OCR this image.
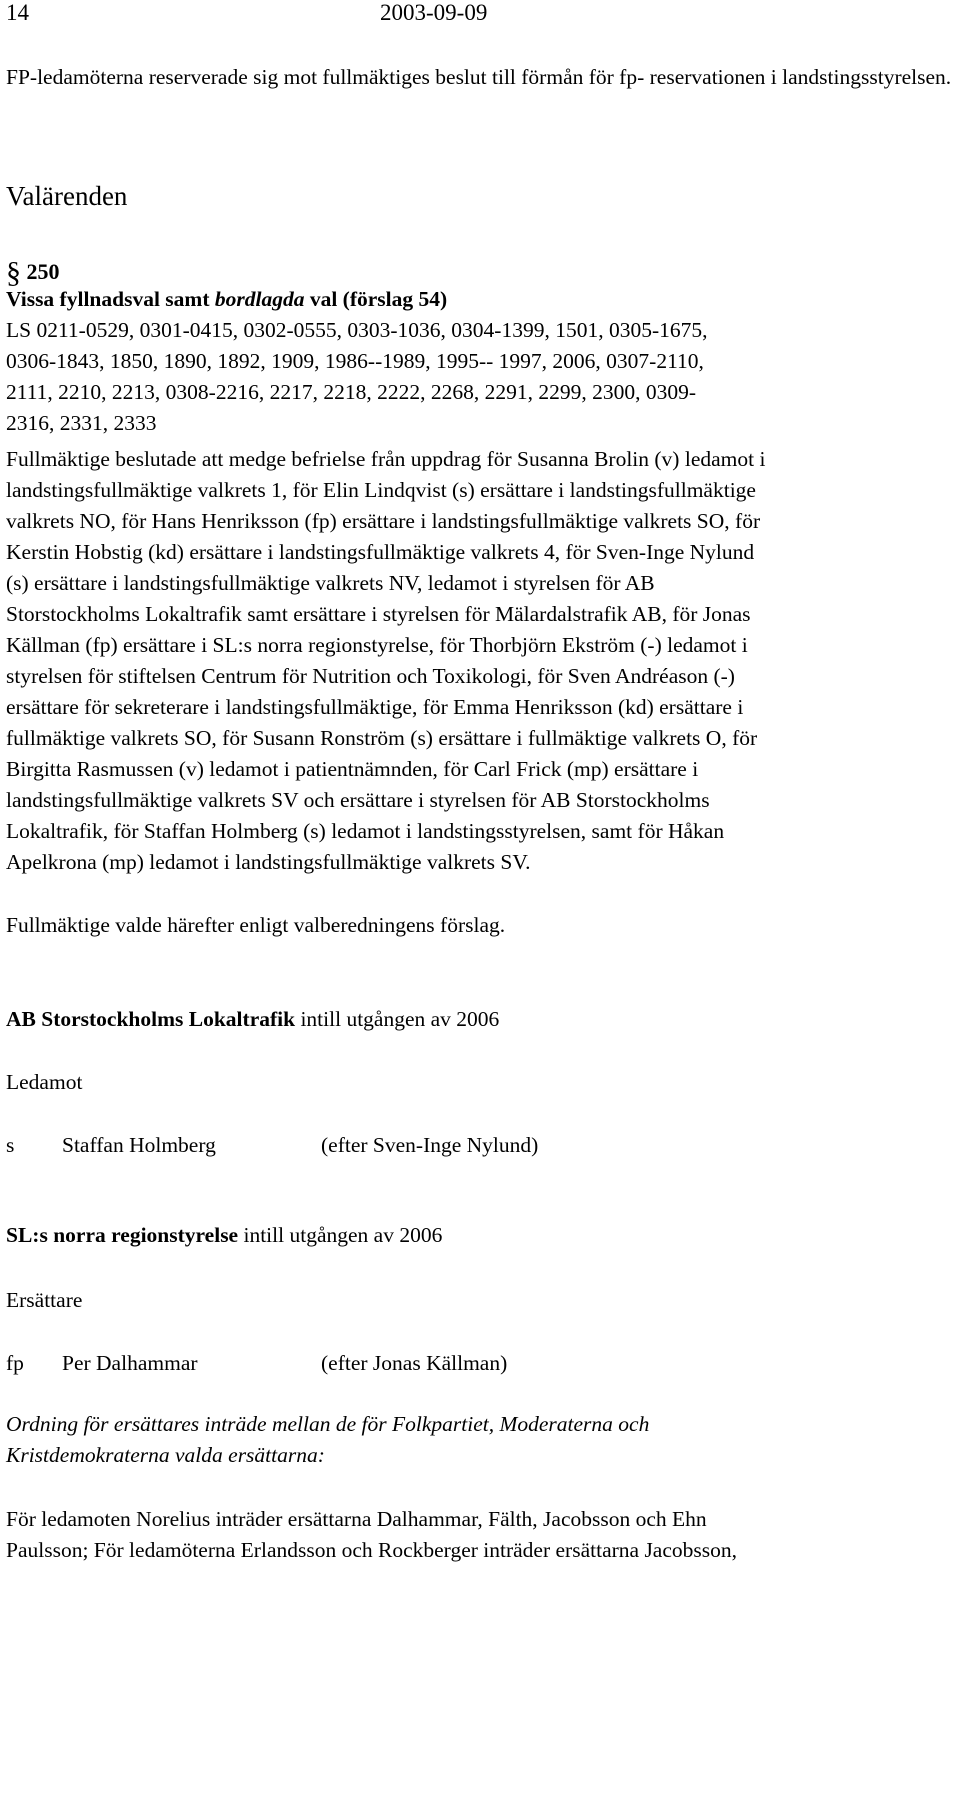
14	2003-09-09

FP-ledamöterna reserverade sig mot fullmäktiges beslut till förmån för fp- reservationen i landstingsstyrelsen.

Valärenden
§ 250
Vissa fyllnadsval samt bordlagda val (förslag 54)
LS 0211-0529, 0301-0415, 0302-0555, 0303-1036, 0304-1399, 1501, 0305-1675,
0306-1843, 1850, 1890, 1892, 1909, 1986--1989, 1995-- 1997, 2006, 0307-2110,
2111, 2210, 2213, 0308-2216, 2217, 2218, 2222, 2268, 2291, 2299, 2300, 0309-
2316, 2331, 2333
Fullmäktige beslutade att medge befrielse från uppdrag för Susanna Brolin (v) ledamot i
landstingsfullmäktige valkrets 1, för Elin Lindqvist (s) ersättare i landstingsfullmäktige
valkrets NO, för Hans Henriksson (fp) ersättare i landstingsfullmäktige valkrets SO, för
Kerstin Hobstig (kd) ersättare i landstingsfullmäktige valkrets 4, för Sven-Inge Nylund
(s) ersättare i landstingsfullmäktige valkrets NV, ledamot i styrelsen för AB
Storstockholms Lokaltrafik samt ersättare i styrelsen för Mälardalstrafik AB, för Jonas
Källman (fp) ersättare i SL:s norra regionstyrelse, för Thorbjörn Ekström (-) ledamot i
styrelsen för stiftelsen Centrum för Nutrition och Toxikologi, för Sven Andréason (-)
ersättare för sekreterare i landstingsfullmäktige, för Emma Henriksson (kd) ersättare i
fullmäktige valkrets SO, för Susann Ronström (s) ersättare i fullmäktige valkrets O, för
Birgitta Rasmussen (v) ledamot i patientnämnden, för Carl Frick (mp) ersättare i
landstingsfullmäktige valkrets SV och ersättare i styrelsen för AB Storstockholms
Lokaltrafik, för Staffan Holmberg (s) ledamot i landstingsstyrelsen, samt för Håkan
Apelkrona (mp) ledamot i landstingsfullmäktige valkrets SV.
Fullmäktige valde härefter enligt valberedningens förslag.
AB Storstockholms Lokaltrafik intill utgången av 2006
Ledamot
s Staffan Holmberg	(efter Sven-Inge Nylund)
SL:s norra regionstyrelse intill utgången av 2006
Ersättare
fp Per Dalhammar	(efter Jonas Källman)
Ordning för ersättares inträde mellan de för Folkpartiet, Moderaterna och
Kristdemokraterna valda ersättarna:
För ledamoten Norelius inträder ersättarna Dalhammar, Fälth, Jacobsson och Ehn
Paulsson; För ledamöterna Erlandsson och Rockberger inträder ersättarna Jacobsson,
